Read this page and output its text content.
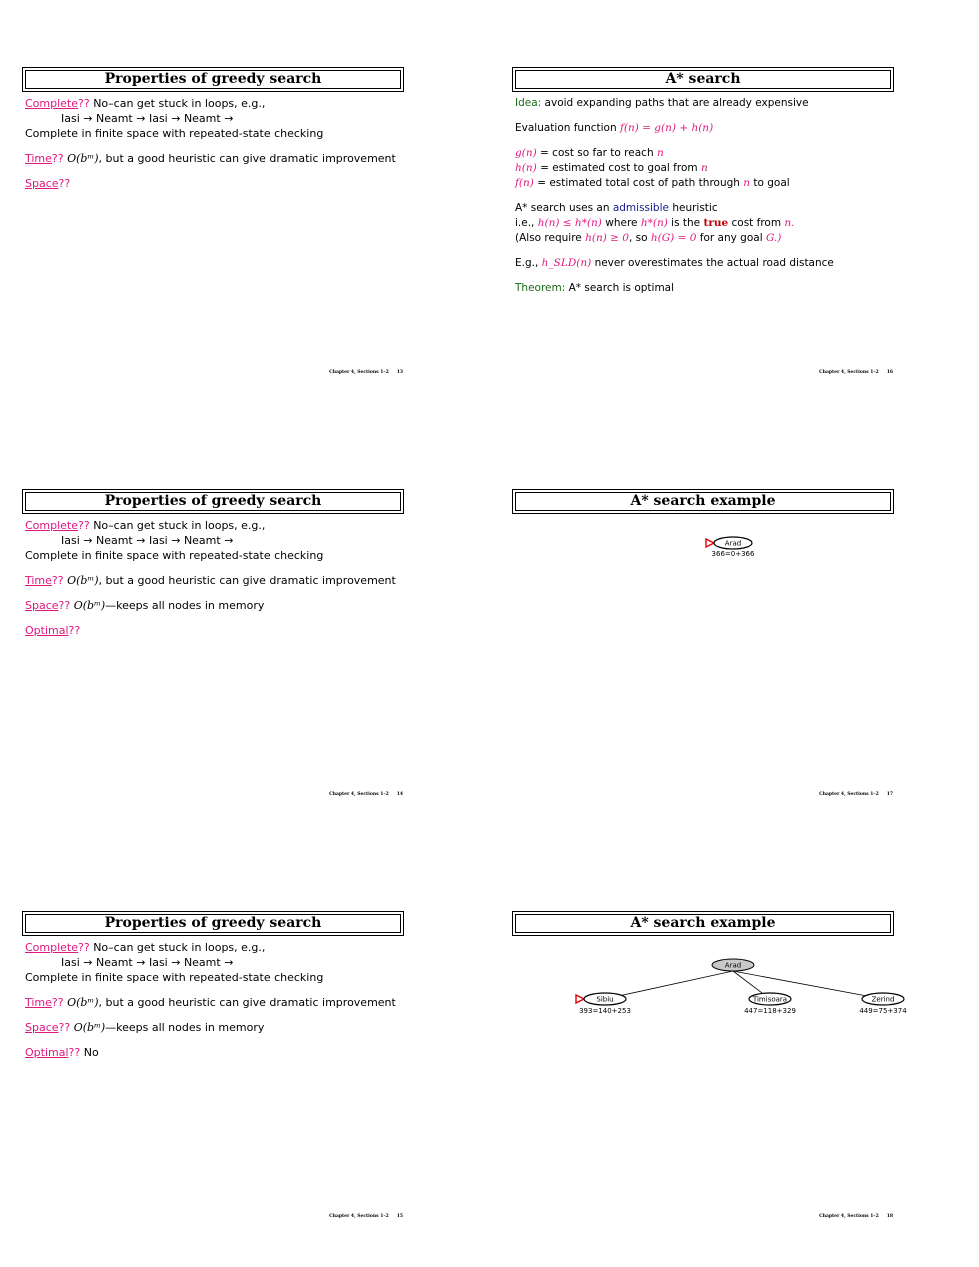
Properties of greedy search
Complete?? No–can get stuck in loops, e.g.,
Iasi → Neamt → Iasi → Neamt →
Complete in finite space with repeated-state checking
Time?? O(bᵐ), but a good heuristic can give dramatic improvement
Space??
Chapter 4, Sections 1–2 13
Properties of greedy search
Complete?? No–can get stuck in loops, e.g.,
Iasi → Neamt → Iasi → Neamt →
Complete in finite space with repeated-state checking
Time?? O(bᵐ), but a good heuristic can give dramatic improvement
Space?? O(bᵐ)—keeps all nodes in memory
Optimal??
Chapter 4, Sections 1–2 14
Properties of greedy search
Complete?? No–can get stuck in loops, e.g.,
Iasi → Neamt → Iasi → Neamt →
Complete in finite space with repeated-state checking
Time?? O(bᵐ), but a good heuristic can give dramatic improvement
Space?? O(bᵐ)—keeps all nodes in memory
Optimal?? No
Chapter 4, Sections 1–2 15
A* search
Idea: avoid expanding paths that are already expensive
Evaluation function f(n) = g(n) + h(n)
g(n) = cost so far to reach n
h(n) = estimated cost to goal from n
f(n) = estimated total cost of path through n to goal
A* search uses an admissible heuristic
i.e., h(n) ≤ h*(n) where h*(n) is the true cost from n.
(Also require h(n) ≥ 0, so h(G) = 0 for any goal G.)
E.g., h_SLD(n) never overestimates the actual road distance
Theorem: A* search is optimal
Chapter 4, Sections 1–2 16
A* search example
Arad
366=0+366
Chapter 4, Sections 1–2 17
A* search example
Arad
Sibiu
393=140+253
Timisoara
447=118+329
Zerind
449=75+374
Chapter 4, Sections 1–2 18
